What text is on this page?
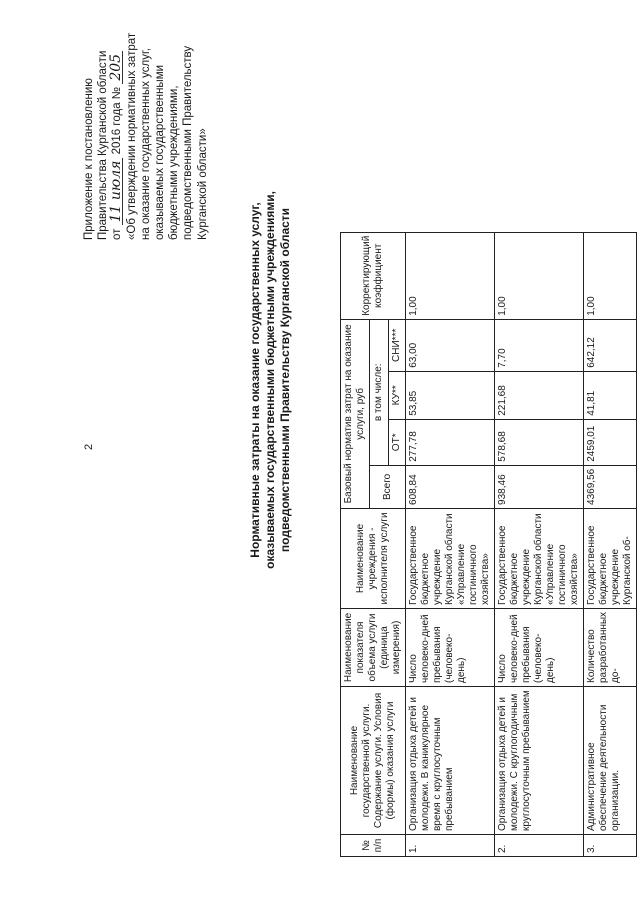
2
Приложение к постановлению Правительства Курганской области от 11 июля 2016 года № 205 «Об утверждении нормативных затрат на оказание государственных услуг, оказываемых государственными бюджетными учреждениями, подведомственными Правительству Курганской области»
Нормативные затраты на оказание государственных услуг, оказываемых государственными бюджетными учреждениями, подведомственными Правительству Курганской области
№ п/п	Наименование государственной услуги. Содержание услуги. Условия (формы) оказания услуги	Наименование показателя объема услуги (единица измерения)	Наименование учреждения - исполнителя услуги	Базовый норматив затрат на оказание услуги, руб				Корректирующий коэффициент
				Всего	в том числе:			
					ОТ*	КУ**	СНИ***	
1.	Организация отдыха детей и молодежи. В каникулярное время с круглосуточным пребыванием	Число человеко-дней пребывания (человеко-день)	Государственное бюджетное учреждение Курганской области «Управление гостиничного хозяйства»	608,84	277,78	53,85	63,00	1,00
2.	Организация отдыха детей и молодежи. С круглогодичным круглосуточным пребыванием	Число человеко-дней пребывания (человеко-день)	Государственное бюджетное учреждение Курганской области «Управление гостиничного хозяйства»	938,46	578,68	221,68	7,70	1,00
3.	Административное обеспечение деятельности организации.	Количество разработанных до-	Государственное бюджетное учреждение Курганской об-	4369,56	2459,01	41,81	642,12	1,00
